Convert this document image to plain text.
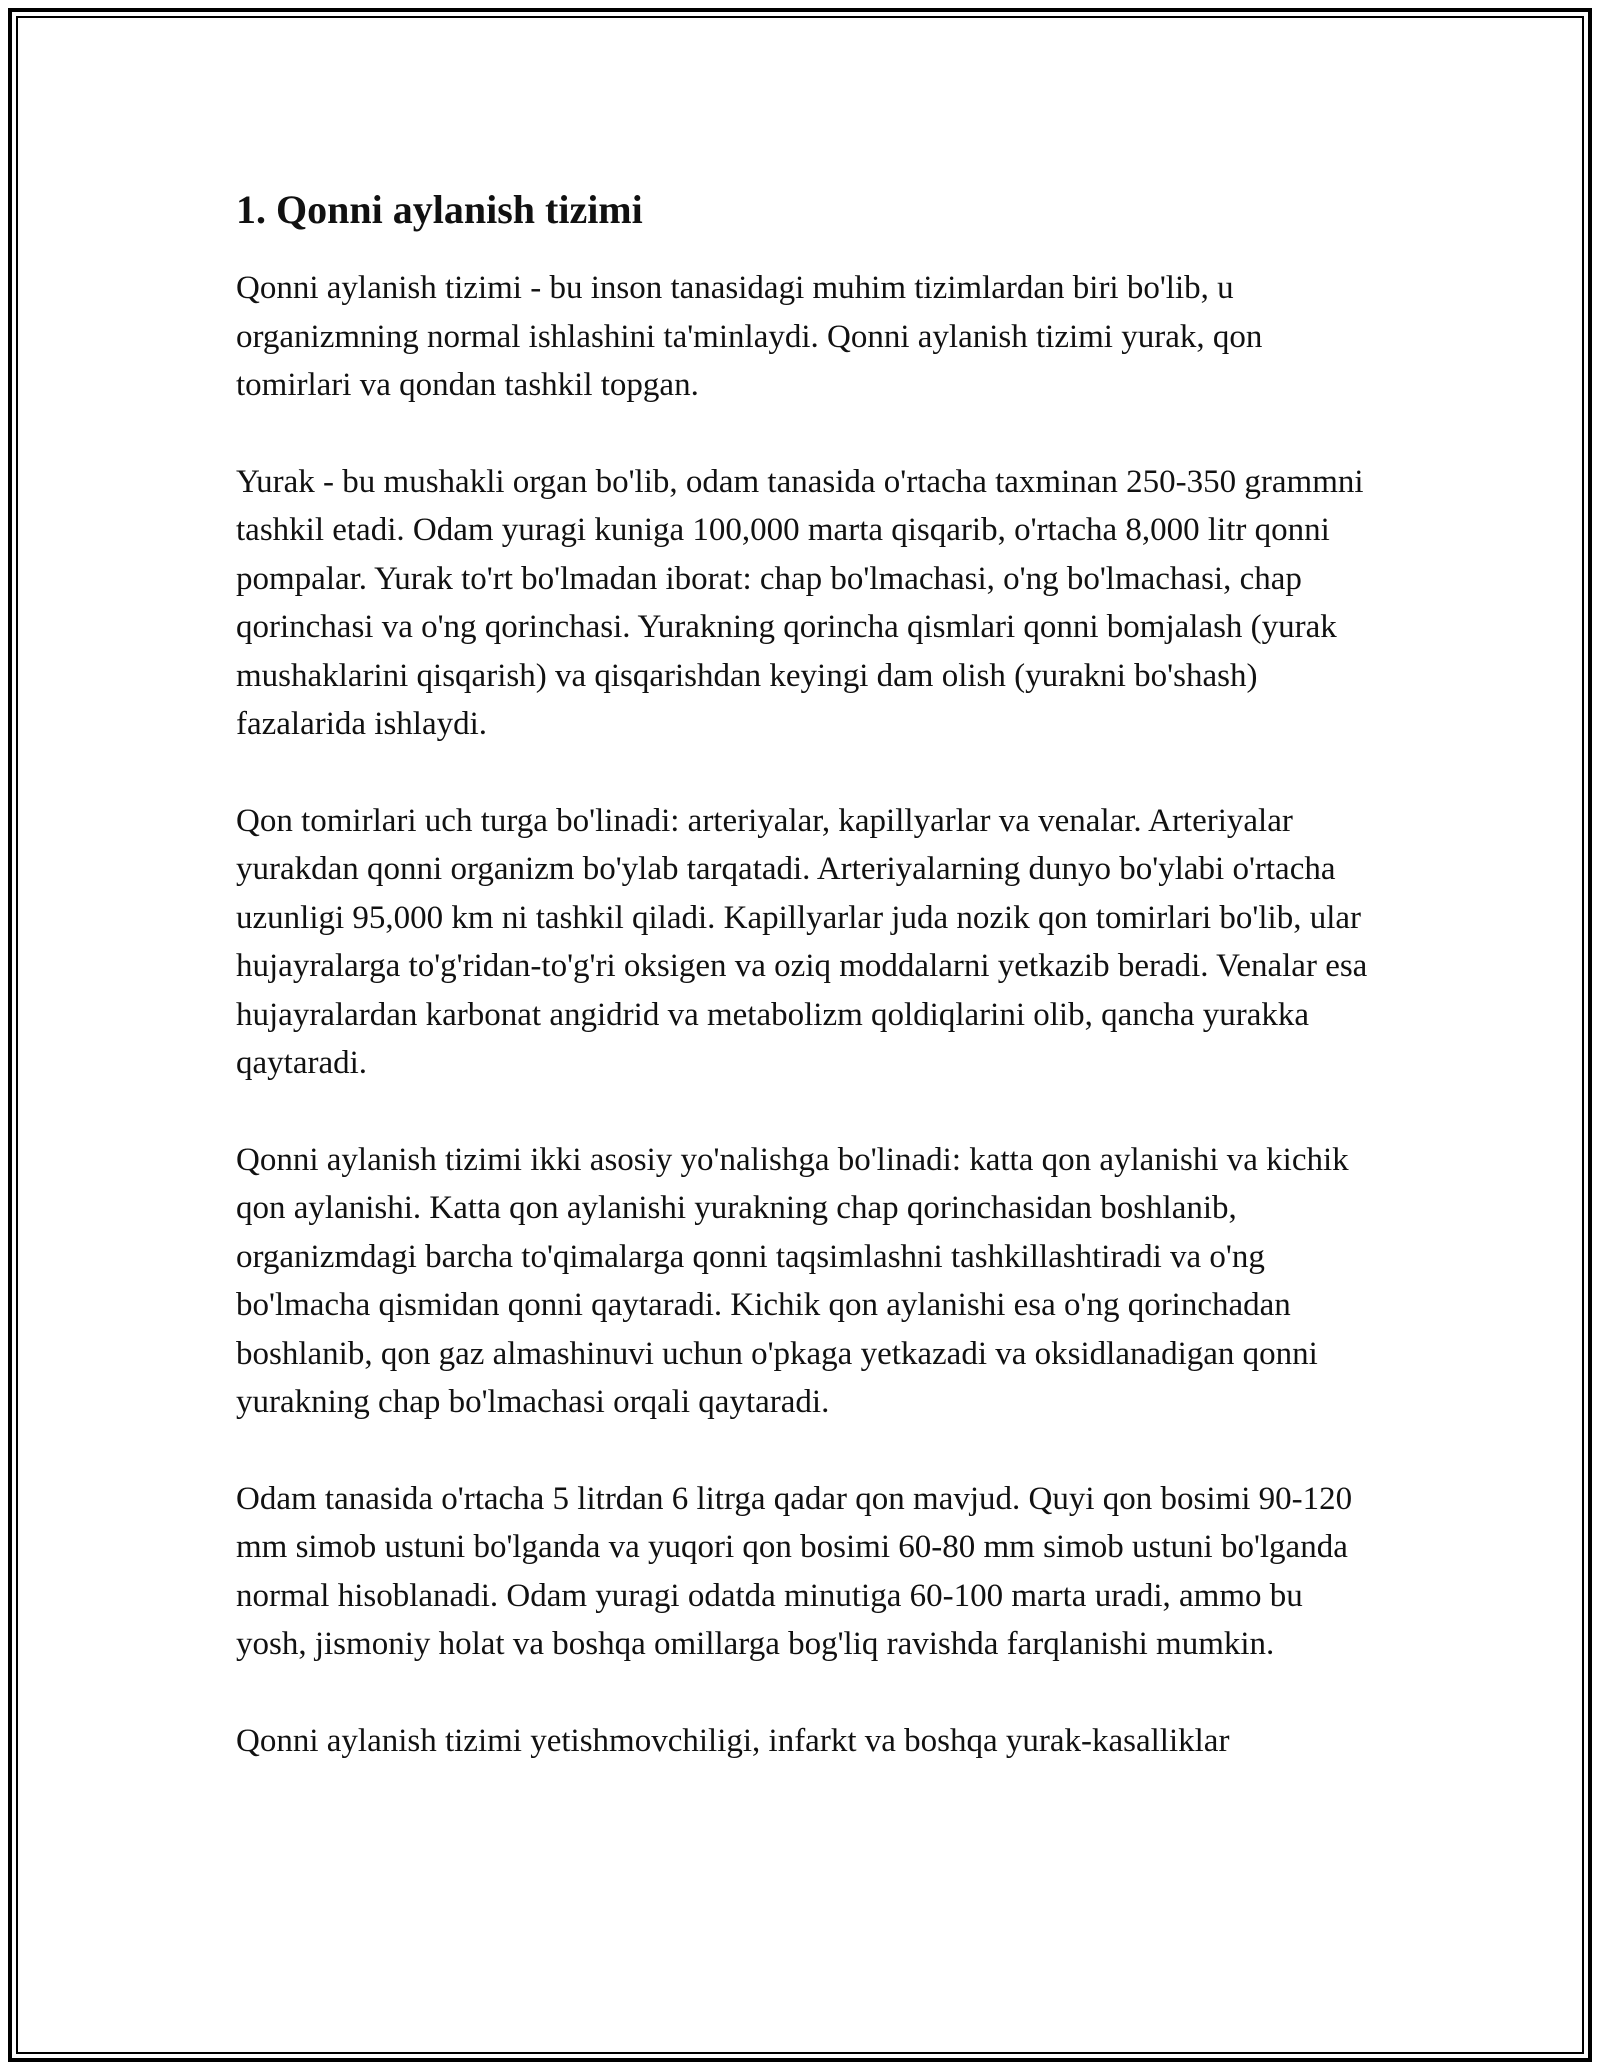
1. Qonni aylanish tizimi

Qonni aylanish tizimi - bu inson tanasidagi muhim tizimlardan biri bo'lib, u organizmning normal ishlashini ta'minlaydi. Qonni aylanish tizimi yurak, qon tomirlari va qondan tashkil topgan.

Yurak - bu mushakli organ bo'lib, odam tanasida o'rtacha taxminan 250-350 grammni tashkil etadi. Odam yuragi kuniga 100,000 marta qisqarib, o'rtacha 8,000 litr qonni pompalar. Yurak to'rt bo'lmadan iborat: chap bo'lmachasi, o'ng bo'lmachasi, chap qorinchasi va o'ng qorinchasi. Yurakning qorincha qismlari qonni bomjalash (yurak mushaklarini qisqarish) va qisqarishdan keyingi dam olish (yurakni bo'shash) fazalarida ishlaydi.

Qon tomirlari uch turga bo'linadi: arteriyalar, kapillyarlar va venalar. Arteriyalar yurakdan qonni organizm bo'ylab tarqatadi. Arteriyalarning dunyo bo'ylabi o'rtacha uzunligi 95,000 km ni tashkil qiladi. Kapillyarlar juda nozik qon tomirlari bo'lib, ular hujayralarga to'g'ridan-to'g'ri oksigen va oziq moddalarni yetkazib beradi. Venalar esa hujayralardan karbonat angidrid va metabolizm qoldiqlarini olib, qancha yurakka qaytaradi.

Qonni aylanish tizimi ikki asosiy yo'nalishga bo'linadi: katta qon aylanishi va kichik qon aylanishi. Katta qon aylanishi yurakning chap qorinchasidan boshlanib, organizmdagi barcha to'qimalarga qonni taqsimlashni tashkillashtiradi va o'ng bo'lmacha qismidan qonni qaytaradi. Kichik qon aylanishi esa o'ng qorinchadan boshlanib, qon gaz almashinuvi uchun o'pkaga yetkazadi va oksidlanadigan qonni yurakning chap bo'lmachasi orqali qaytaradi.

Odam tanasida o'rtacha 5 litrdan 6 litrga qadar qon mavjud. Quyi qon bosimi 90-120 mm simob ustuni bo'lganda va yuqori qon bosimi 60-80 mm simob ustuni bo'lganda normal hisoblanadi. Odam yuragi odatda minutiga 60-100 marta uradi, ammo bu yosh, jismoniy holat va boshqa omillarga bog'liq ravishda farqlanishi mumkin.

Qonni aylanish tizimi yetishmovchiligi, infarkt va boshqa yurak-kasalliklar
